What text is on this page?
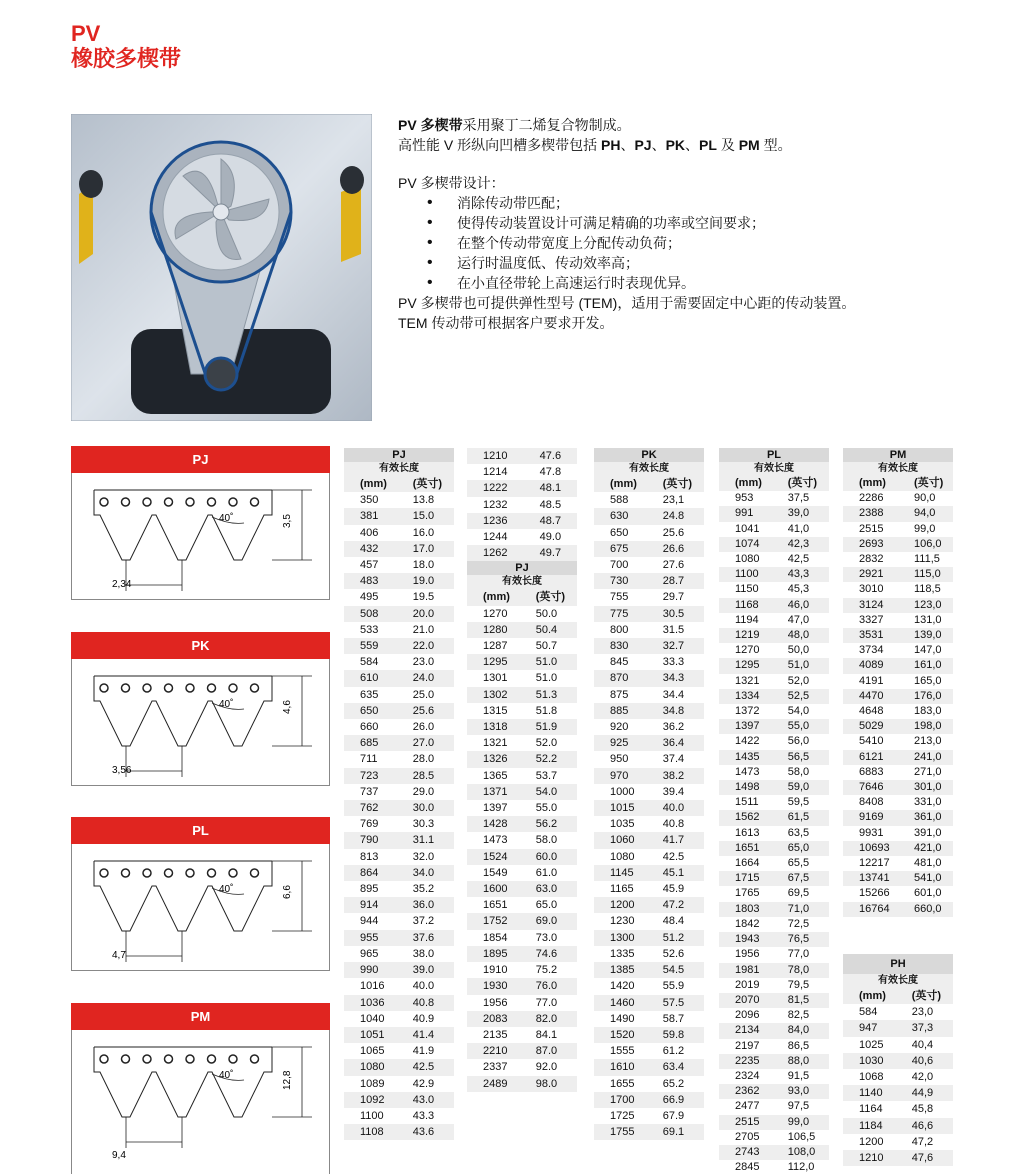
PV
橡胶多楔带

PV 多楔带采用聚丁二烯复合物制成。

高性能 V 形纵向凹槽多楔带包括 PH、PJ、PK、PL 及 PM 型。

PV 多楔带设计：

• 消除传动带匹配；
• 使得传动装置设计可满足精确的功率或空间要求；
• 在整个传动带宽度上分配传动负荷；
• 运行时温度低、传动效率高；
• 在小直径带轮上高速运行时表现优异。

PV 多楔带也可提供弹性型号 (TEM)，适用于需要固定中心距的传动装置。

TEM 传动带可根据客户要求开发。

PJ
3,5
40˚
2,34
PK
4,6
40˚
3,56
PL
6,6
40˚
4,7
PM
12,8
40˚
9,4
PJ
有效长度
(mm)	(英寸)
350	13.8
381	15.0
406	16.0
432	17.0
457	18.0
483	19.0
495	19.5
508	20.0
533	21.0
559	22.0
584	23.0
610	24.0
635	25.0
650	25.6
660	26.0
685	27.0
711	28.0
723	28.5
737	29.0
762	30.0
769	30.3
790	31.1
813	32.0
864	34.0
895	35.2
914	36.0
944	37.2
955	37.6
965	38.0
990	39.0
1016	40.0
1036	40.8
1040	40.9
1051	41.4
1065	41.9
1080	42.5
1089	42.9
1092	43.0
1100	43.3
1108	43.6
1210	47.6
1214	47.8
1222	48.1
1232	48.5
1236	48.7
1244	49.0
1262	49.7
PJ
有效长度
(mm)	(英寸)
1270	50.0
1280	50.4
1287	50.7
1295	51.0
1301	51.0
1302	51.3
1315	51.8
1318	51.9
1321	52.0
1326	52.2
1365	53.7
1371	54.0
1397	55.0
1428	56.2
1473	58.0
1524	60.0
1549	61.0
1600	63.0
1651	65.0
1752	69.0
1854	73.0
1895	74.6
1910	75.2
1930	76.0
1956	77.0
2083	82.0
2135	84.1
2210	87.0
2337	92.0
2489	98.0
PK
有效长度
(mm)	(英寸)
588	23,1
630	24.8
650	25.6
675	26.6
700	27.6
730	28.7
755	29.7
775	30.5
800	31.5
830	32.7
845	33.3
870	34.3
875	34.4
885	34.8
920	36.2
925	36.4
950	37.4
970	38.2
1000	39.4
1015	40.0
1035	40.8
1060	41.7
1080	42.5
1145	45.1
1165	45.9
1200	47.2
1230	48.4
1300	51.2
1335	52.6
1385	54.5
1420	55.9
1460	57.5
1490	58.7
1520	59.8
1555	61.2
1610	63.4
1655	65.2
1700	66.9
1725	67.9
1755	69.1
PL
有效长度
(mm)	(英寸)
953	37,5
991	39,0
1041	41,0
1074	42,3
1080	42,5
1100	43,3
1150	45,3
1168	46,0
1194	47,0
1219	48,0
1270	50,0
1295	51,0
1321	52,0
1334	52,5
1372	54,0
1397	55,0
1422	56,0
1435	56,5
1473	58,0
1498	59,0
1511	59,5
1562	61,5
1613	63,5
1651	65,0
1664	65,5
1715	67,5
1765	69,5
1803	71,0
1842	72,5
1943	76,5
1956	77,0
1981	78,0
2019	79,5
2070	81,5
2096	82,5
2134	84,0
2197	86,5
2235	88,0
2324	91,5
2362	93,0
2477	97,5
2515	99,0
2705	106,5
2743	108,0
2845	112,0
PM
有效长度
(mm)	(英寸)
2286	90,0
2388	94,0
2515	99,0
2693	106,0
2832	111,5
2921	115,0
3010	118,5
3124	123,0
3327	131,0
3531	139,0
3734	147,0
4089	161,0
4191	165,0
4470	176,0
4648	183,0
5029	198,0
5410	213,0
6121	241,0
6883	271,0
7646	301,0
8408	331,0
9169	361,0
9931	391,0
10693	421,0
12217	481,0
13741	541,0
15266	601,0
16764	660,0
PH
有效长度
(mm)	(英寸)
584	23,0
947	37,3
1025	40,4
1030	40,6
1068	42,0
1140	44,9
1164	45,8
1184	46,6
1200	47,2
1210	47,6
